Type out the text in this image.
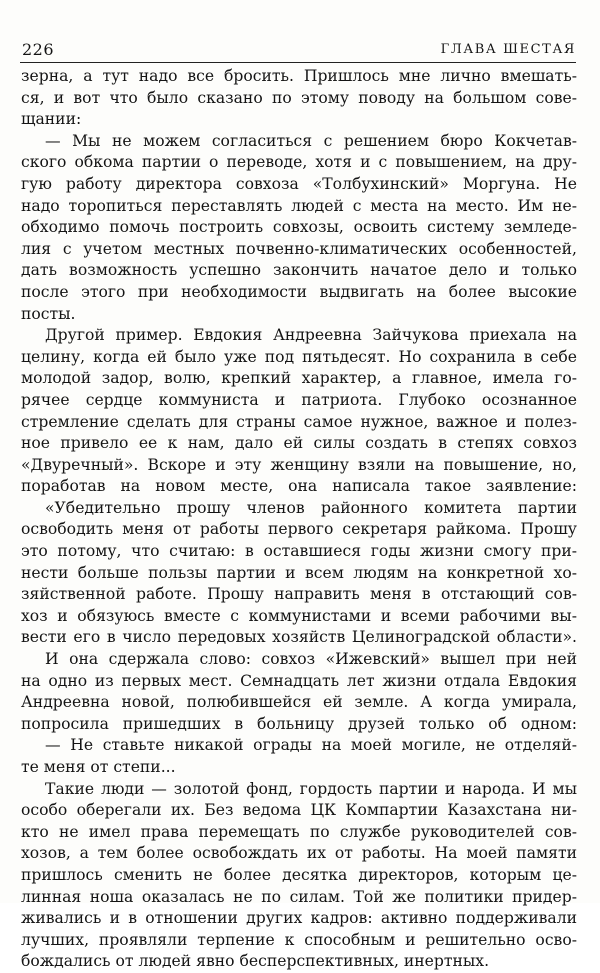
226	ГЛАВА ШЕСТАЯ
зерна, а тут надо все бросить. Пришлось мне лично вмешать-
ся, и вот что было сказано по этому поводу на большом сове-
щании:
— Мы не можем согласиться с решением бюро Кокчетав-
ского обкома партии о переводе, хотя и с повышением, на дру-
гую работу директора совхоза «Толбухинский» Моргуна. Не
надо торопиться переставлять людей с места на место. Им не-
обходимо помочь построить совхозы, освоить систему земледе-
лия с учетом местных почвенно-климатических особенностей,
дать возможность успешно закончить начатое дело и только
после этого при необходимости выдвигать на более высокие
посты.
Другой пример. Евдокия Андреевна Зайчукова приехала на
целину, когда ей было уже под пятьдесят. Но сохранила в себе
молодой задор, волю, крепкий характер, а главное, имела го-
рячее сердце коммуниста и патриота. Глубоко осознанное
стремление сделать для страны самое нужное, важное и полез-
ное привело ее к нам, дало ей силы создать в степях совхоз
«Двуречный». Вскоре и эту женщину взяли на повышение, но,
поработав на новом месте, она написала такое заявление:
«Убедительно прошу членов районного комитета партии
освободить меня от работы первого секретаря райкома. Прошу
это потому, что считаю: в оставшиеся годы жизни смогу при-
нести больше пользы партии и всем людям на конкретной хо-
зяйственной работе. Прошу направить меня в отстающий сов-
хоз и обязуюсь вместе с коммунистами и всеми рабочими вы-
вести его в число передовых хозяйств Целиноградской области».
И она сдержала слово: совхоз «Ижевский» вышел при ней
на одно из первых мест. Семнадцать лет жизни отдала Евдокия
Андреевна новой, полюбившейся ей земле. А когда умирала,
попросила пришедших в больницу друзей только об одном:
— Не ставьте никакой ограды на моей могиле, не отделяй-
те меня от степи...
Такие люди — золотой фонд, гордость партии и народа. И мы
особо оберегали их. Без ведома ЦК Компартии Казахстана ни-
кто не имел права перемещать по службе руководителей сов-
хозов, а тем более освобождать их от работы. На моей памяти
пришлось сменить не более десятка директоров, которым це-
линная ноша оказалась не по силам. Той же политики придер-
живались и в отношении других кадров: активно поддерживали
лучших, проявляли терпение к способным и решительно осво-
бождались от людей явно бесперспективных, инертных.
